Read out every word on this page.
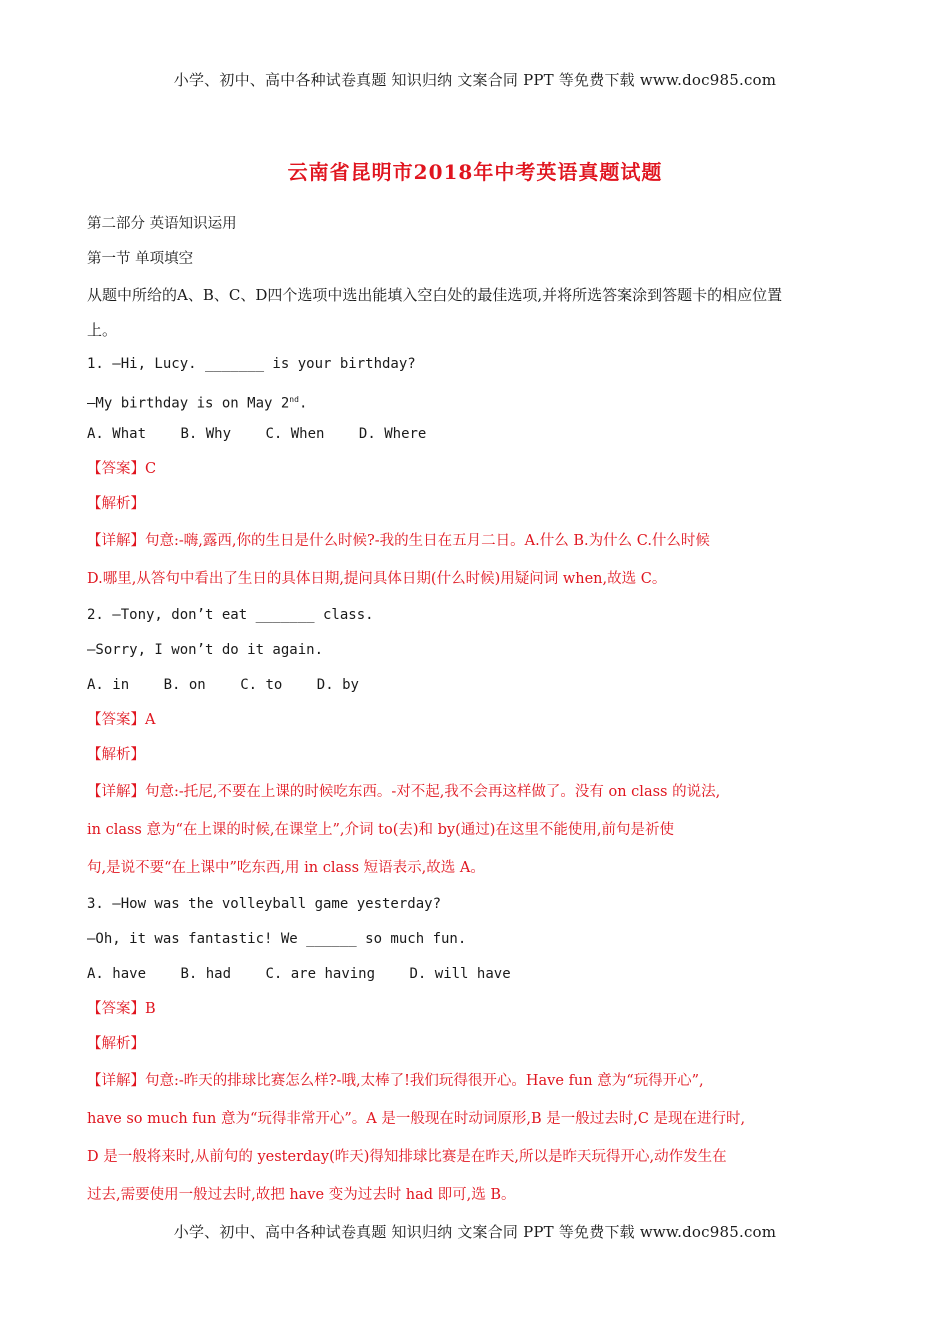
小学、初中、高中各种试卷真题 知识归纳 文案合同 PPT 等免费下载 www.doc985.com
云南省昆明市2018年中考英语真题试题
第二部分 英语知识运用
第一节 单项填空
从题中所给的A、B、C、D四个选项中选出能填入空白处的最佳选项,并将所选答案涂到答题卡的相应位置
上。
1. —Hi, Lucy. _______ is your birthday?
—My birthday is on May 2nd.
A. What B. Why C. When D. Where
【答案】C
【解析】
【详解】句意:-嗨,露西,你的生日是什么时候?-我的生日在五月二日。A.什么 B.为什么 C.什么时候
D.哪里,从答句中看出了生日的具体日期,提问具体日期(什么时候)用疑问词 when,故选 C。
2. —Tony, don’t eat _______ class.
—Sorry, I won’t do it again.
A. in B. on C. to D. by
【答案】A
【解析】
【详解】句意:-托尼,不要在上课的时候吃东西。-对不起,我不会再这样做了。没有 on class 的说法,
in class 意为“在上课的时候,在课堂上”,介词 to(去)和 by(通过)在这里不能使用,前句是祈使
句,是说不要“在上课中”吃东西,用 in class 短语表示,故选 A。
3. —How was the volleyball game yesterday?
—Oh, it was fantastic! We ______ so much fun.
A. have B. had C. are having D. will have
【答案】B
【解析】
【详解】句意:-昨天的排球比赛怎么样?-哦,太棒了!我们玩得很开心。Have fun 意为“玩得开心”,
have so much fun 意为“玩得非常开心”。A 是一般现在时动词原形,B 是一般过去时,C 是现在进行时,
D 是一般将来时,从前句的 yesterday(昨天)得知排球比赛是在昨天,所以是昨天玩得开心,动作发生在
过去,需要使用一般过去时,故把 have 变为过去时 had 即可,选 B。
小学、初中、高中各种试卷真题 知识归纳 文案合同 PPT 等免费下载 www.doc985.com
